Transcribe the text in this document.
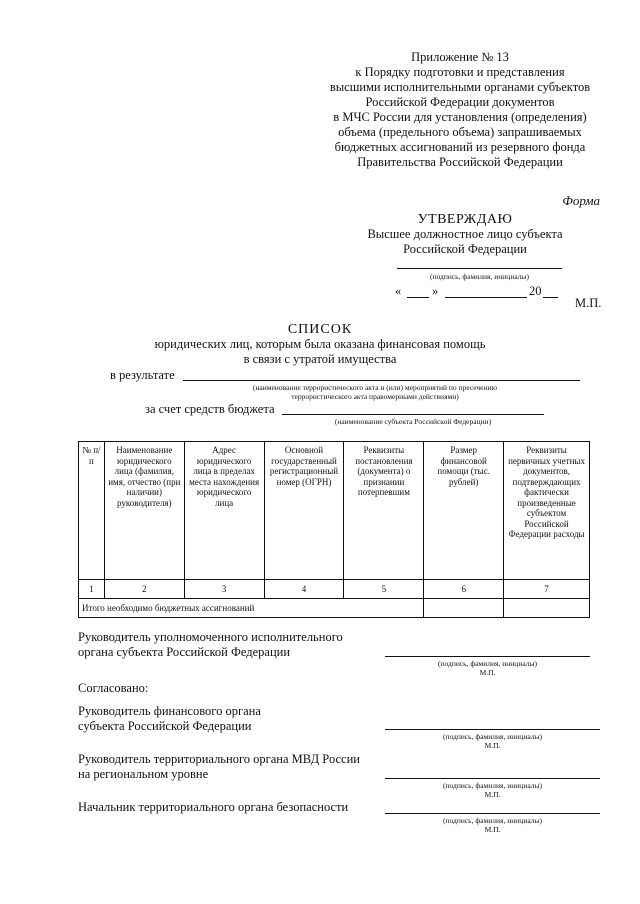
Приложение № 13
к Порядку подготовки и представления
высшими исполнительными органами субъектов
Российской Федерации документов
в МЧС России для установления (определения)
объема (предельного объема) запрашиваемых
бюджетных ассигнований из резервного фонда
Правительства Российской Федерации
Форма
УТВЕРЖДАЮ
Высшее должностное лицо субъекта
Российской Федерации
(подпись, фамилия, инициалы)
« »	20
М.П.
СПИСОК
юридических лиц, которым была оказана финансовая помощь
в связи с утратой имущества
в результате
(наименование террористического акта и (или) мероприятий по пресечению террористического акта правомерными действиями)
за счет средств бюджета
(наименование субъекта Российской Федерации)
№ п/п	Наименование юридического лица (фамилия, имя, отчество (при наличии) руководителя)	Адрес юридического лица в пределах места нахождения юридического лица	Основной государственный регистрационный номер (ОГРН)	Реквизиты постановления (документа) о признании потерпевшим	Размер финансовой помощи (тыс. рублей)	Реквизиты первичных учетных документов, подтверждающих фактически произведенные субъектом Российской Федерации расходы
1	2	3	4	5	6	7
Итого необходимо бюджетных ассигнований						
Руководитель уполномоченного исполнительного
органа субъекта Российской Федерации
(подпись, фамилия, инициалы)
М.П.
Согласовано:
Руководитель финансового органа
субъекта Российской Федерации
(подпись, фамилия, инициалы)
М.П.
Руководитель территориального органа МВД России
на региональном уровне
(подпись, фамилия, инициалы)
М.П.
Начальник территориального органа безопасности
(подпись, фамилия, инициалы)
М.П.
